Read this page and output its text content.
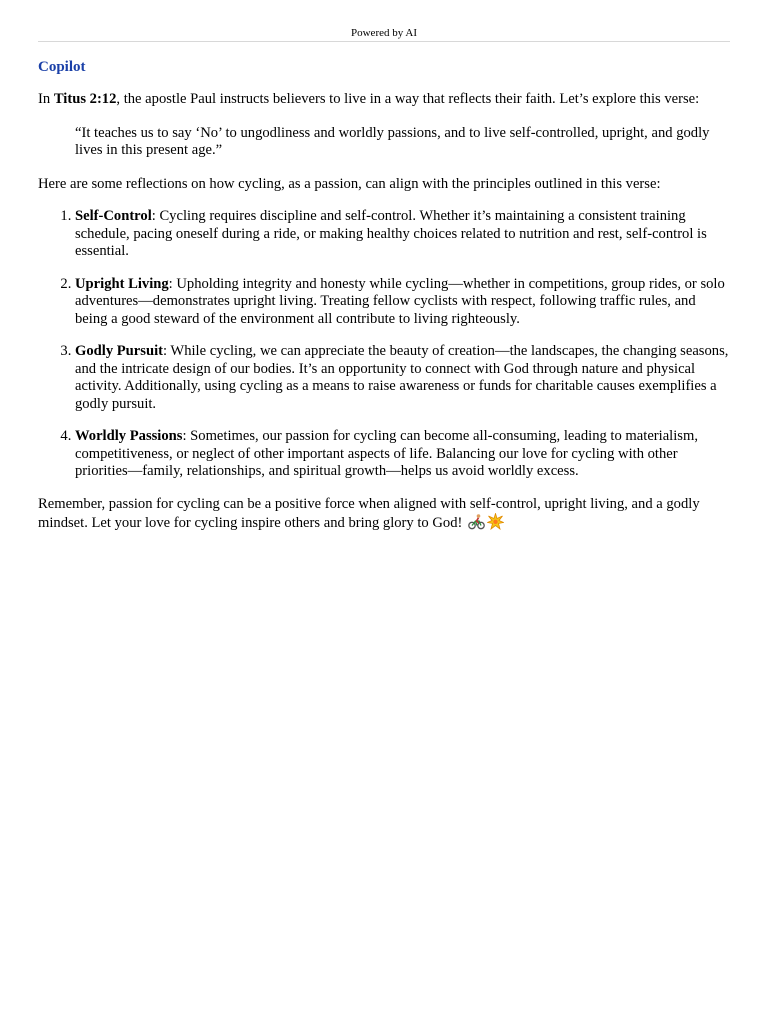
Powered by AI
Copilot

In Titus 2:12, the apostle Paul instructs believers to live in a way that reflects their faith. Let’s explore this verse:

“It teaches us to say ‘No’ to ungodliness and worldly passions, and to live self-controlled, upright, and godly lives in this present age.”

Here are some reflections on how cycling, as a passion, can align with the principles outlined in this verse:

1. Self-Control: Cycling requires discipline and self-control. Whether it’s maintaining a consistent training schedule, pacing oneself during a ride, or making healthy choices related to nutrition and rest, self-control is essential.
2. Upright Living: Upholding integrity and honesty while cycling—whether in competitions, group rides, or solo adventures—demonstrates upright living. Treating fellow cyclists with respect, following traffic rules, and being a good steward of the environment all contribute to living righteously.
3. Godly Pursuit: While cycling, we can appreciate the beauty of creation—the landscapes, the changing seasons, and the intricate design of our bodies. It’s an opportunity to connect with God through nature and physical activity. Additionally, using cycling as a means to raise awareness or funds for charitable causes exemplifies a godly pursuit.
4. Worldly Passions: Sometimes, our passion for cycling can become all-consuming, leading to materialism, competitiveness, or neglect of other important aspects of life. Balancing our love for cycling with other priorities—family, relationships, and spiritual growth—helps us avoid worldly excess.

Remember, passion for cycling can be a positive force when aligned with self-control, upright living, and a godly mindset. Let your love for cycling inspire others and bring glory to God!
